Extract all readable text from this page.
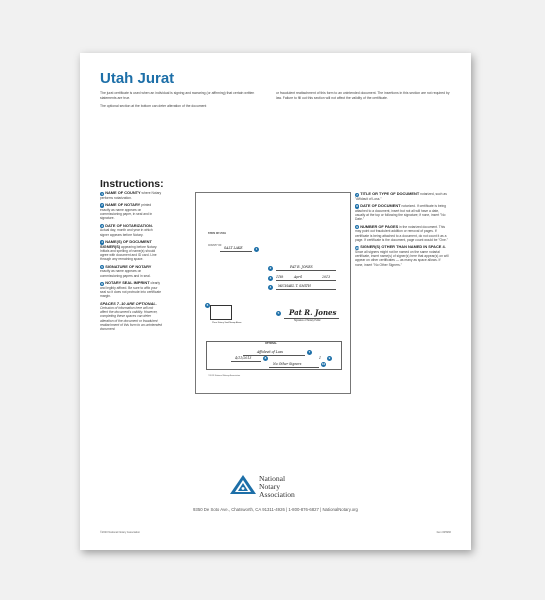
Utah Jurat

The jurat certificate is used when an individual is signing and swearing (or affirming) that certain written statements are true.

The optional section at the bottom can deter alteration of the document

or fraudulent reattachment of this form to an unintended document. The insertions in this section are not required by law. Failure to fill out this section will not affect the validity of the certificate.

Instructions:
1 NAME OF COUNTY where Notary performs notarization.
2 NAME OF NOTARY printed exactly as name appears on commissioning paper, in seal and in signature.
3 DATE OF NOTARIZATION. Actual day, month and year in which signer appears before Notary.
4 NAME(S) OF DOCUMENT SIGNER(S) appearing before Notary. Initials and spelling of name(s) should agree with document and ID card. Line through any remaining space.
5 SIGNATURE OF NOTARY exactly as name appears on commissioning papers and in seal.
6 NOTARY SEAL IMPRINT clearly and legibly affixed. Be sure to affix your seal so it does not protrude into certificate margin.
SPACES 7–10 ARE OPTIONAL.
Omission of information here will not affect the document's validity. However, completing these spaces can deter alteration of the document or fraudulent reattachment of this form to an unintended document.
STATE OF UTAH
COUNTY OF SALT LAKE	1
PAT R. JONES
2
11th	April	2013
3
MICHAEL T. SMITH
4
6
Place Notary Seal/Stamp Above
Pat R. Jones
Signature of Notary Public
5
OPTIONAL
Affidavit of Loss	7
4/11/2013	8	1	9
No Other Signers	10
©2013 National Notary Association
7 TITLE OR TYPE OF DOCUMENT notarized, such as "Affidavit of Loss."
8 DATE OF DOCUMENT notarized. If certificate is being attached to a document, insert but not all will have a date, usually at the top or following the signature; if none, insert "No Date."
9 NUMBER OF PAGES in the notarized document. This may point out fraudulent addition or removal of pages. If certificate is being attached to a document, do not count it as a page. If certificate is the document, page count would be "One."
10SIGNER(S) OTHER THAN NAMED IN SPACE 4. Since all signers might not be named on the same notarial certificate, insert name(s) of signer(s) here that appear(s) on will appear on other certificates — as many as space allows. If none, insert "No Other Signers."
National
Notary
Association
9350 De Soto Ave., Chatsworth, CA 91311-4926 | 1-800-876-6827 | NationalNotary.org
©2020 National Notary Association	Item #25966
